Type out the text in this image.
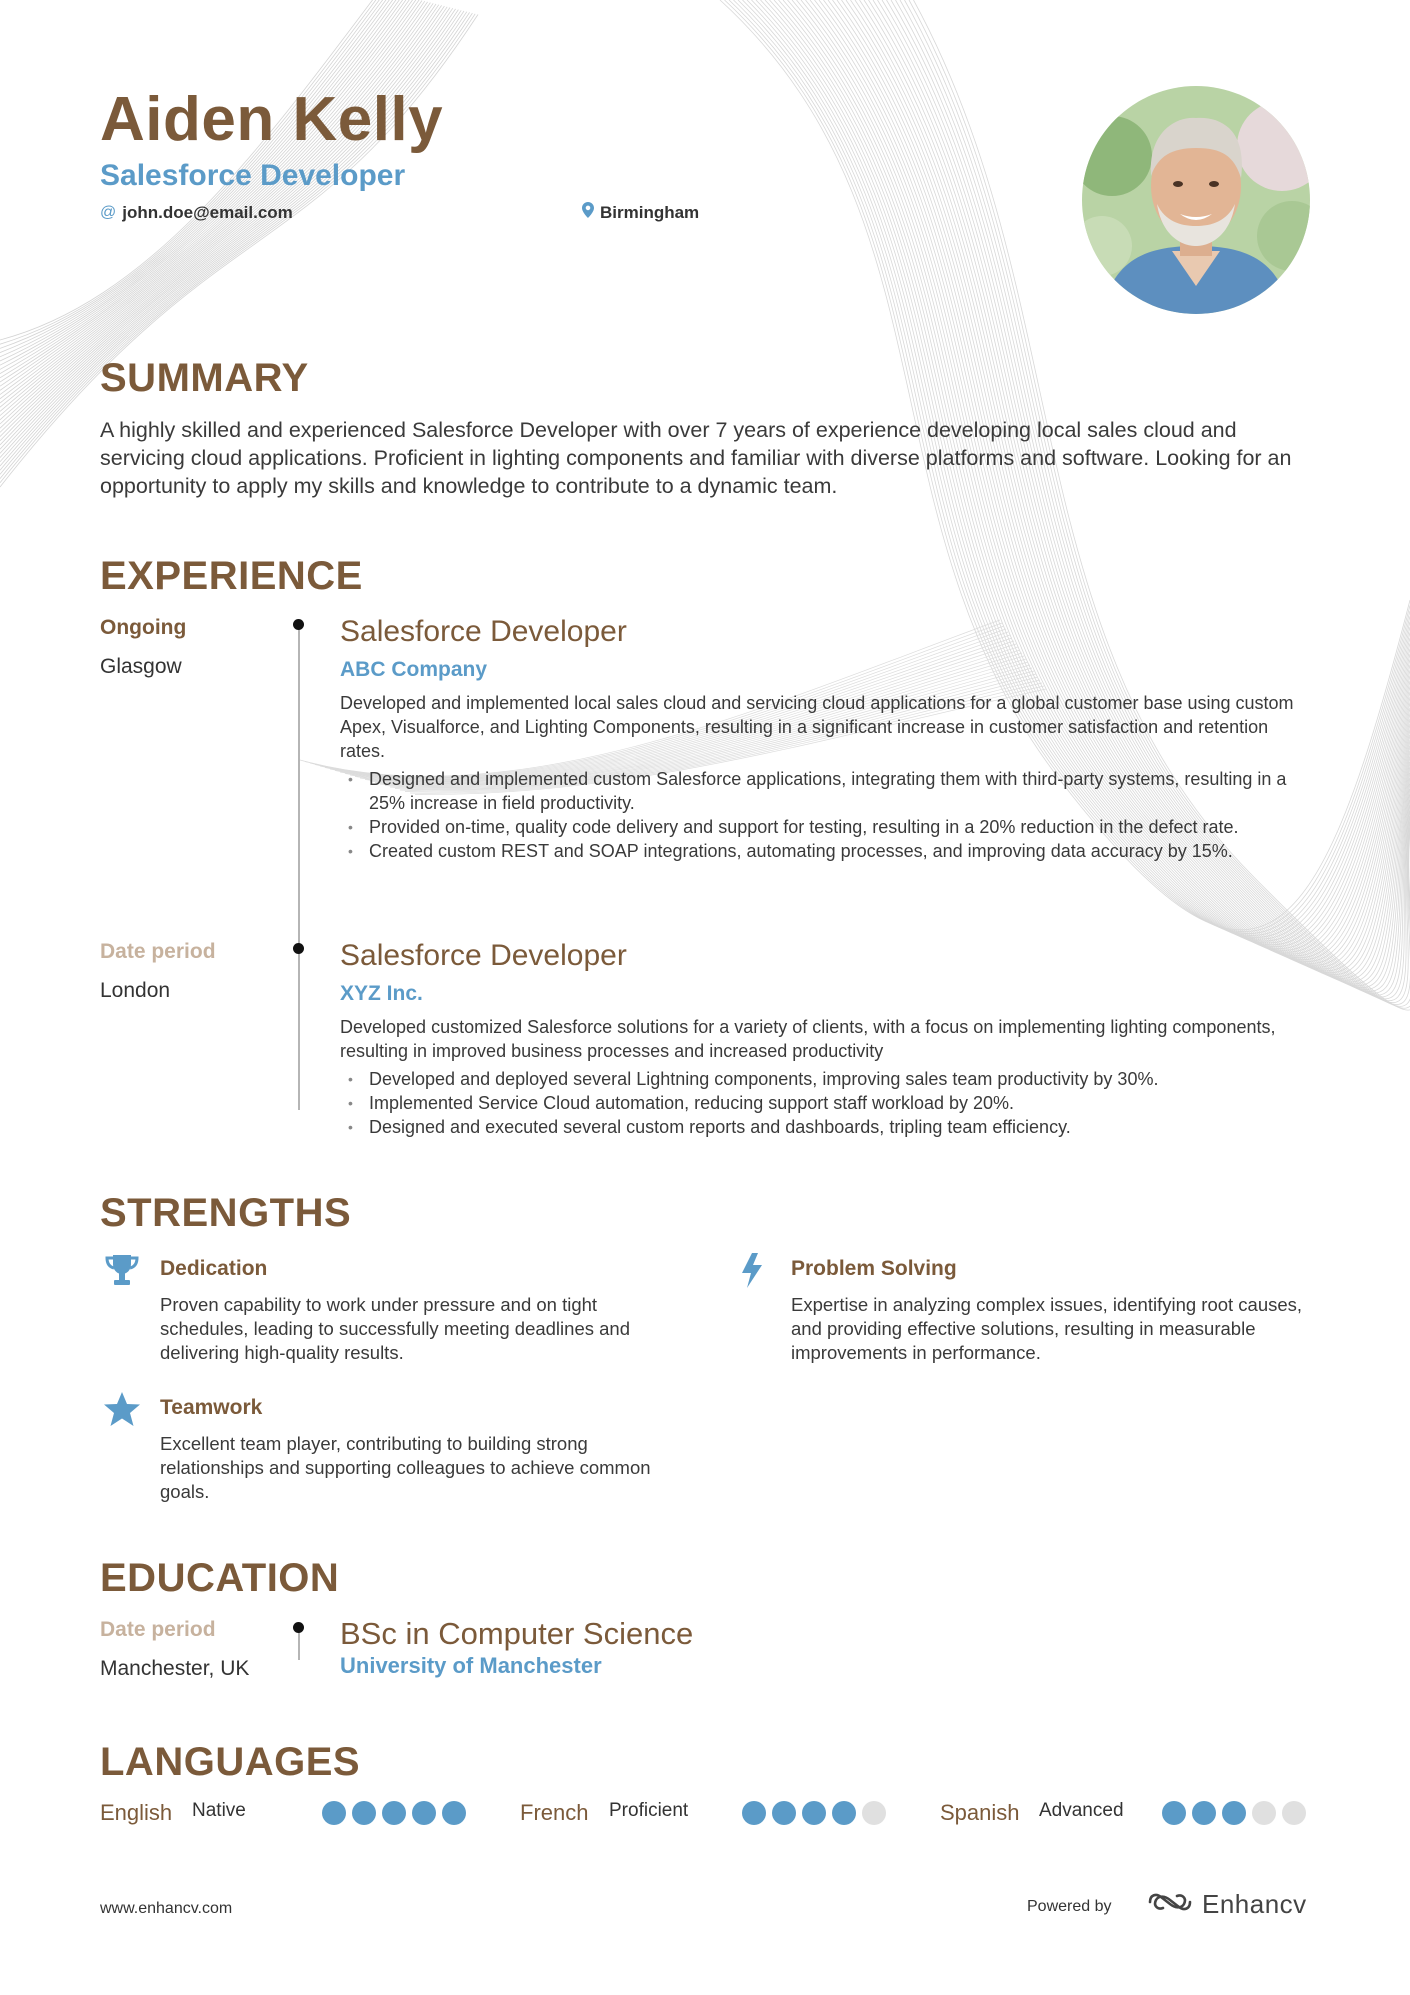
Aiden Kelly
Salesforce Developer
@ john.doe@email.com	Birmingham
SUMMARY
A highly skilled and experienced Salesforce Developer with over 7 years of experience developing local sales cloud and servicing cloud applications. Proficient in lighting components and familiar with diverse platforms and software. Looking for an opportunity to apply my skills and knowledge to contribute to a dynamic team.
EXPERIENCE
Ongoing
Glasgow
Salesforce Developer
ABC Company
Developed and implemented local sales cloud and servicing cloud applications for a global customer base using custom Apex, Visualforce, and Lighting Components, resulting in a significant increase in customer satisfaction and retention rates.
• Designed and implemented custom Salesforce applications, integrating them with third-party systems, resulting in a 25% increase in field productivity.
• Provided on-time, quality code delivery and support for testing, resulting in a 20% reduction in the defect rate.
• Created custom REST and SOAP integrations, automating processes, and improving data accuracy by 15%.
Date period
London
Salesforce Developer
XYZ Inc.
Developed customized Salesforce solutions for a variety of clients, with a focus on implementing lighting components, resulting in improved business processes and increased productivity
• Developed and deployed several Lightning components, improving sales team productivity by 30%.
• Implemented Service Cloud automation, reducing support staff workload by 20%.
• Designed and executed several custom reports and dashboards, tripling team efficiency.
STRENGTHS
Dedication
Proven capability to work under pressure and on tight schedules, leading to successfully meeting deadlines and delivering high-quality results.
Problem Solving
Expertise in analyzing complex issues, identifying root causes, and providing effective solutions, resulting in measurable improvements in performance.
Teamwork
Excellent team player, contributing to building strong relationships and supporting colleagues to achieve common goals.
EDUCATION
Date period
Manchester, UK
BSc in Computer Science
University of Manchester
LANGUAGES
English Native	French Proficient	Spanish Advanced
www.enhancv.com	Powered by	Enhancv
